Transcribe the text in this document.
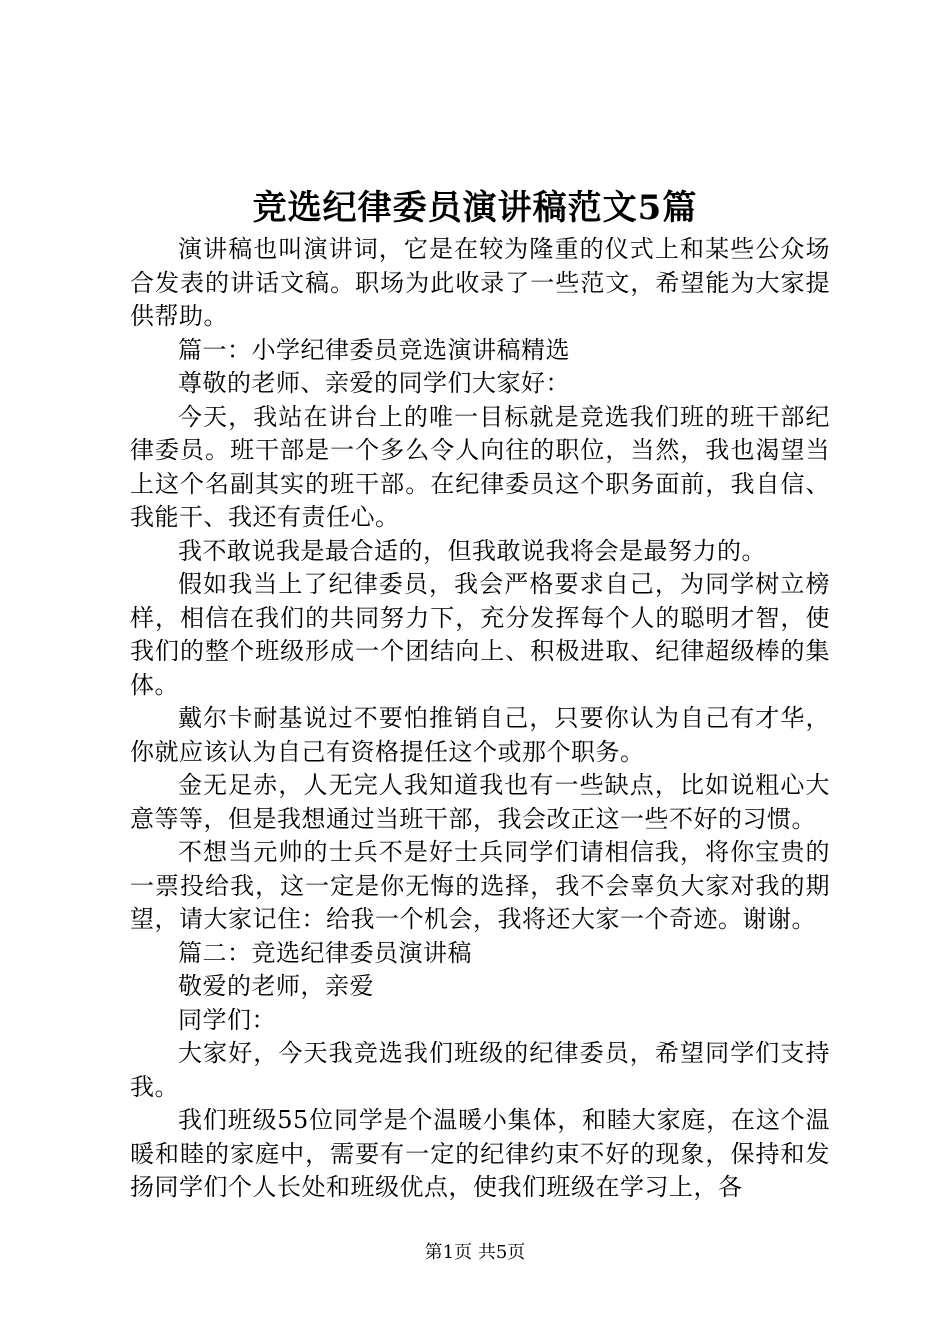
竞选纪律委员演讲稿范文5篇

演讲稿也叫演讲词，它是在较为隆重的仪式上和某些公众场合发表的讲话文稿。职场为此收录了一些范文，希望能为大家提供帮助。

篇一：小学纪律委员竞选演讲稿精选

尊敬的老师、亲爱的同学们大家好：

今天，我站在讲台上的唯一目标就是竞选我们班的班干部纪律委员。班干部是一个多么令人向往的职位，当然，我也渴望当上这个名副其实的班干部。在纪律委员这个职务面前，我自信、我能干、我还有责任心。

我不敢说我是最合适的，但我敢说我将会是最努力的。

假如我当上了纪律委员，我会严格要求自己，为同学树立榜样，相信在我们的共同努力下，充分发挥每个人的聪明才智，使我们的整个班级形成一个团结向上、积极进取、纪律超级棒的集体。

戴尔卡耐基说过不要怕推销自己，只要你认为自己有才华，你就应该认为自己有资格提任这个或那个职务。

金无足赤，人无完人我知道我也有一些缺点，比如说粗心大意等等，但是我想通过当班干部，我会改正这一些不好的习惯。

不想当元帅的士兵不是好士兵同学们请相信我，将你宝贵的一票投给我，这一定是你无悔的选择，我不会辜负大家对我的期望，请大家记住：给我一个机会，我将还大家一个奇迹。谢谢。

篇二：竞选纪律委员演讲稿

敬爱的老师，亲爱

同学们：

大家好，今天我竞选我们班级的纪律委员，希望同学们支持我。

我们班级55位同学是个温暖小集体，和睦大家庭，在这个温暖和睦的家庭中，需要有一定的纪律约束不好的现象，保持和发扬同学们个人长处和班级优点，使我们班级在学习上，各

第1页 共5页
